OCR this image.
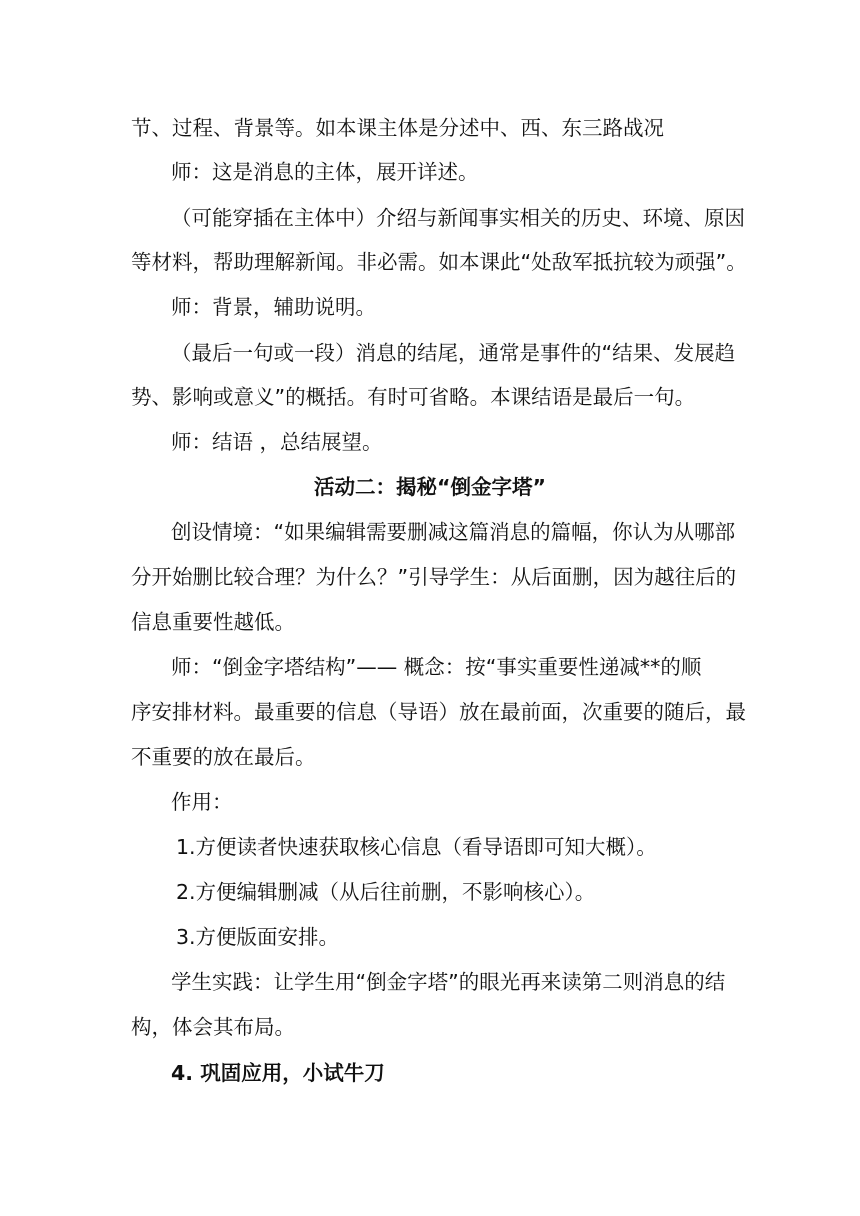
节、过程、背景等。如本课主体是分述中、西、东三路战况
师：这是消息的主体，展开详述。
（可能穿插在主体中）介绍与新闻事实相关的历史、环境、原因
等材料，帮助理解新闻。非必需。如本课此“处敌军抵抗较为顽强”。
师：背景，辅助说明。
（最后一句或一段）消息的结尾，通常是事件的“结果、发展趋
势、影响或意义”的概括。有时可省略。本课结语是最后一句。
师：结语 ，总结展望。
活动二：揭秘“倒金字塔”
创设情境：“如果编辑需要删减这篇消息的篇幅，你认为从哪部
分开始删比较合理？为什么？”引导学生：从后面删，因为越往后的
信息重要性越低。
师：“倒金字塔结构”—— 概念：按“事实重要性递减**的顺
序安排材料。最重要的信息（导语）放在最前面，次重要的随后，最
不重要的放在最后。
作用：
1.方便读者快速获取核心信息（看导语即可知大概）。
2.方便编辑删减（从后往前删，不影响核心）。
3.方便版面安排。
学生实践：让学生用“倒金字塔”的眼光再来读第二则消息的结
构，体会其布局。
4. 巩固应用，小试牛刀
